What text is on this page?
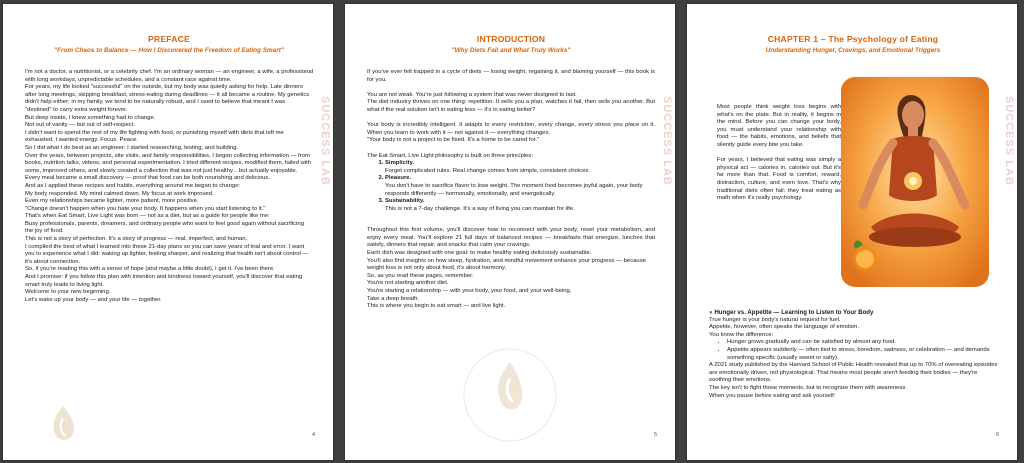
SUCCESS LAB
PREFACE
"From Chaos to Balance — How I Discovered the Freedom of Eating Smart"

I'm not a doctor, a nutritionist, or a celebrity chef. I'm an ordinary woman — an engineer, a wife, a professional with long workdays, unpredictable schedules, and a constant race against time.

For years, my life looked "successful" on the outside, but my body was quietly asking for help. Late dinners after long meetings, skipping breakfast, stress-eating during deadlines — it all became a routine. My genetics didn't help either; in my family, we tend to be naturally robust, and I used to believe that meant I was "destined" to carry extra weight forever.

But deep inside, I knew something had to change.

Not out of vanity — but out of self-respect.

I didn't want to spend the rest of my life fighting with food, or punishing myself with diets that left me exhausted. I wanted energy. Focus. Peace.

So I did what I do best as an engineer: I started researching, testing, and building.

Over the years, between projects, site visits, and family responsibilities, I began collecting information — from books, nutrition talks, videos, and personal experimentation. I tried different recipes, modified them, failed with some, improved others, and slowly created a collection that was not just healthy... but actually enjoyable. Every meal became a small discovery — proof that food can be both nourishing and delicious.

And as I applied these recipes and habits, everything around me began to change:

My body responded. My mind calmed down. My focus at work improved.

Even my relationships became lighter, more patient, more positive.

"Change doesn't happen when you hate your body. It happens when you start listening to it."

That's when Eat Smart, Live Light was born — not as a diet, but as a guide for people like me:

Busy professionals, parents, dreamers, and ordinary people who want to feel good again without sacrificing the joy of food.

This is not a story of perfection. It's a story of progress — real, imperfect, and human.

I compiled the best of what I learned into these 21-day plans so you can save years of trial and error. I want you to experience what I did: waking up lighter, feeling sharper, and realizing that health isn't about control — it's about connection.

So, if you're reading this with a sense of hope (and maybe a little doubt), I get it. I've been there.

And I promise: if you follow this plan with intention and kindness toward yourself, you'll discover that eating smart truly leads to living light.

Welcome to your new beginning.

Let's wake up your body — and your life — together.

4
SUCCESS LAB
INTRODUCTION
"Why Diets Fail and What Truly Works"

If you've ever felt trapped in a cycle of diets — losing weight, regaining it, and blaming yourself — this book is for you.

You are not weak. You're just following a system that was never designed to last.

The diet industry thrives on one thing: repetition. It sells you a plan, watches it fail, then sells you another. But what if the real solution isn't in eating less — it's in eating better?

Your body is incredibly intelligent. It adapts to every restriction, every change, every stress you place on it. When you learn to work with it — not against it — everything changes.

"Your body is not a project to be fixed. It's a home to be cared for."

The Eat Smart, Live Light philosophy is built on three principles:

1. Simplicity.
Forget complicated rules. Real change comes from simple, consistent choices.
2. Pleasure.
You don't have to sacrifice flavor to lose weight. The moment food becomes joyful again, your body responds differently — hormonally, emotionally, and energetically.
3. Sustainability.
This is not a 7-day challenge. It's a way of living you can maintain for life.

Throughout this first volume, you'll discover how to reconnect with your body, reset your metabolism, and enjoy every meal. You'll explore 21 full days of balanced recipes — breakfasts that energize, lunches that satisfy, dinners that repair, and snacks that calm your cravings.

Each dish was designed with one goal: to make healthy eating deliciously sustainable.

You'll also find insights on how sleep, hydration, and mindful movement enhance your progress — because weight loss is not only about food, it's about harmony.

So, as you read these pages, remember:

You're not starting another diet.

You're starting a relationship — with your body, your food, and your well-being.

Take a deep breath.

This is where you begin to eat smart — and live light.

5
SUCCESS LAB
CHAPTER 1 – The Psychology of Eating
Understanding Hunger, Cravings, and Emotional Triggers

Most people think weight loss begins with what's on the plate. But in reality, it begins in the mind. Before you can change your body, you must understand your relationship with food — the habits, emotions, and beliefs that silently guide every bite you take.

For years, I believed that eating was simply a physical act — calories in, calories out. But it's far more than that. Food is comfort, reward, distraction, culture, and even love. That's why traditional diets often fail: they treat eating as math when it's really psychology.

● Hunger vs. Appetite — Learning to Listen to Your Body

True hunger is your body's natural request for fuel.

Appetite, however, often speaks the language of emotion.

You know the difference:

• Hunger grows gradually and can be satisfied by almost any food.
• Appetite appears suddenly — often tied to stress, boredom, sadness, or celebration — and demands something specific (usually sweet or salty).

A 2021 study published by the Harvard School of Public Health revealed that up to 70% of overeating episodes are emotionally driven, not physiological. That means most people aren't feeding their bodies — they're soothing their emotions.

The key isn't to fight those moments, but to recognize them with awareness.

When you pause before eating and ask yourself:

6
